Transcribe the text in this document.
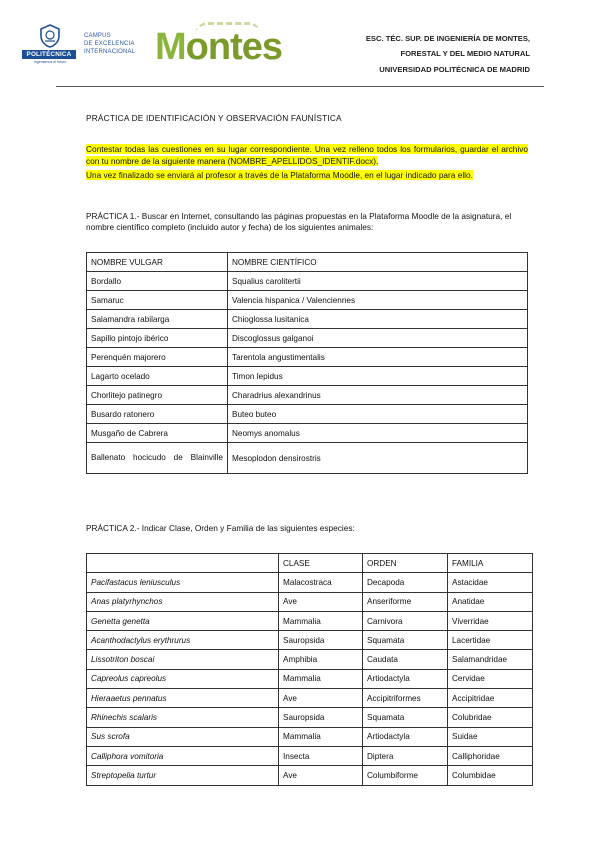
POLITÉCNICA
Ingeniamos el futuro
CAMPUS
DE EXCELENCIA
INTERNACIONAL Montes	ESC. TÉC. SUP. DE INGENIERÍA DE MONTES,
FORESTAL Y DEL MEDIO NATURAL
UNIVERSIDAD POLITÉCNICA DE MADRID
PRÁCTICA DE IDENTIFICACIÓN Y OBSERVACIÓN FAUNÍSTICA
Contestar todas las cuestiones en su lugar correspondiente. Una vez relleno todos los formularios, guardar el archivo con tu nombre de la siguiente manera (NOMBRE_APELLIDOS_IDENTIF.docx).
Una vez finalizado se enviará al profesor a través de la Plataforma Moodle, en el lugar indicado para ello.
PRÁCTICA 1.- Buscar en Internet, consultando las páginas propuestas en la Plataforma Moodle de la asignatura, el nombre científico completo (incluido autor y fecha) de los siguientes animales:
NOMBRE VULGAR	NOMBRE CIENTÍFICO
Bordallo	Squalius carolitertii
Samaruc	Valencia hispanica / Valenciennes
Salamandra rabilarga	Chioglossa lusitanica
Sapillo pintojo ibérico	Discoglossus galganoi
Perenquén majorero	Tarentola angustimentalis
Lagarto ocelado	Timon lepidus
Chorlitejo patinegro	Charadrius alexandrinus
Busardo ratonero	Buteo buteo
Musgaño de Cabrera	Neomys anomalus
Ballenato hocicudo de Blainville	Mesoplodon densirostris
PRÁCTICA 2.- Indicar Clase, Orden y Familia de las siguientes especies:
	CLASE	ORDEN	FAMILIA
Pacifastacus leniusculus	Malacostraca	Decapoda	Astacidae
Anas platyrhynchos	Ave	Anseriforme	Anatidae
Genetta genetta	Mammalia	Carnivora	Viverridae
Acanthodactylus erythrurus	Sauropsida	Squamata	Lacertidae
Lissotriton boscai	Amphibia	Caudata	Salamandridae
Capreolus capreolus	Mammalia	Artiodactyla	Cervidae
Hieraaetus pennatus	Ave	Accipitriformes	Accipitridae
Rhinechis scalaris	Sauropsida	Squamata	Colubridae
Sus scrofa	Mammalia	Artiodactyla	Suidae
Calliphora vomitoria	Insecta	Diptera	Calliphoridae
Streptopelia turtur	Ave	Columbiforme	Columbidae
